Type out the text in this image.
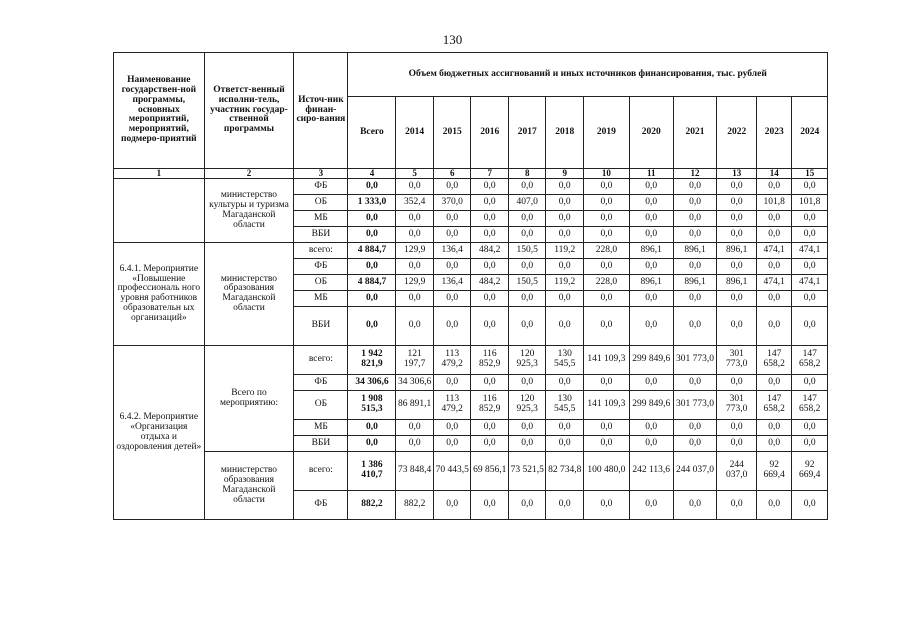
130
Наименование государствен-ной программы, основных мероприятий, мероприятий, подмеро-приятий	Ответст-венный исполни-тель, участник государ-ственной программы	Источ-ник финан-сиро-вания	Объем бюджетных ассигнований и иных источников финансирования, тыс. рублей											
			Всего	2014	2015	2016	2017	2018	2019	2020	2021	2022	2023	2024
1	2	3	4	5	6	7	8	9	10	11	12	13	14	15
	министерство культуры и туризма Магаданской области	ФБ	0,0	0,0	0,0	0,0	0,0	0,0	0,0	0,0	0,0	0,0	0,0	0,0
		ОБ	1 333,0	352,4	370,0	0,0	407,0	0,0	0,0	0,0	0,0	0,0	101,8	101,8
		МБ	0,0	0,0	0,0	0,0	0,0	0,0	0,0	0,0	0,0	0,0	0,0	0,0
		ВБИ	0,0	0,0	0,0	0,0	0,0	0,0	0,0	0,0	0,0	0,0	0,0	0,0
6.4.1. Мероприятие «Повышение профессиональ ного уровня работников образовательн ых организаций»	министерство образования Магаданской области	всего:	4 884,7	129,9	136,4	484,2	150,5	119,2	228,0	896,1	896,1	896,1	474,1	474,1
		ФБ	0,0	0,0	0,0	0,0	0,0	0,0	0,0	0,0	0,0	0,0	0,0	0,0
		ОБ	4 884,7	129,9	136,4	484,2	150,5	119,2	228,0	896,1	896,1	896,1	474,1	474,1
		МБ	0,0	0,0	0,0	0,0	0,0	0,0	0,0	0,0	0,0	0,0	0,0	0,0
		ВБИ	0,0	0,0	0,0	0,0	0,0	0,0	0,0	0,0	0,0	0,0	0,0	0,0
6.4.2. Мероприятие «Организация отдыха и оздоровления детей»	Всего по мероприятию:	всего:	1 942 821,9	121 197,7	113 479,2	116 852,9	120 925,3	130 545,5	141 109,3	299 849,6	301 773,0	301 773,0	147 658,2	147 658,2
		ФБ	34 306,6	34 306,6	0,0	0,0	0,0	0,0	0,0	0,0	0,0	0,0	0,0	0,0
		ОБ	1 908 515,3	86 891,1	113 479,2	116 852,9	120 925,3	130 545,5	141 109,3	299 849,6	301 773,0	301 773,0	147 658,2	147 658,2
		МБ	0,0	0,0	0,0	0,0	0,0	0,0	0,0	0,0	0,0	0,0	0,0	0,0
		ВБИ	0,0	0,0	0,0	0,0	0,0	0,0	0,0	0,0	0,0	0,0	0,0	0,0
	министерство образования Магаданской области	всего:	1 386 410,7	73 848,4	70 443,5	69 856,1	73 521,5	82 734,8	100 480,0	242 113,6	244 037,0	244 037,0	92 669,4	92 669,4
		ФБ	882,2	882,2	0,0	0,0	0,0	0,0	0,0	0,0	0,0	0,0	0,0	0,0
